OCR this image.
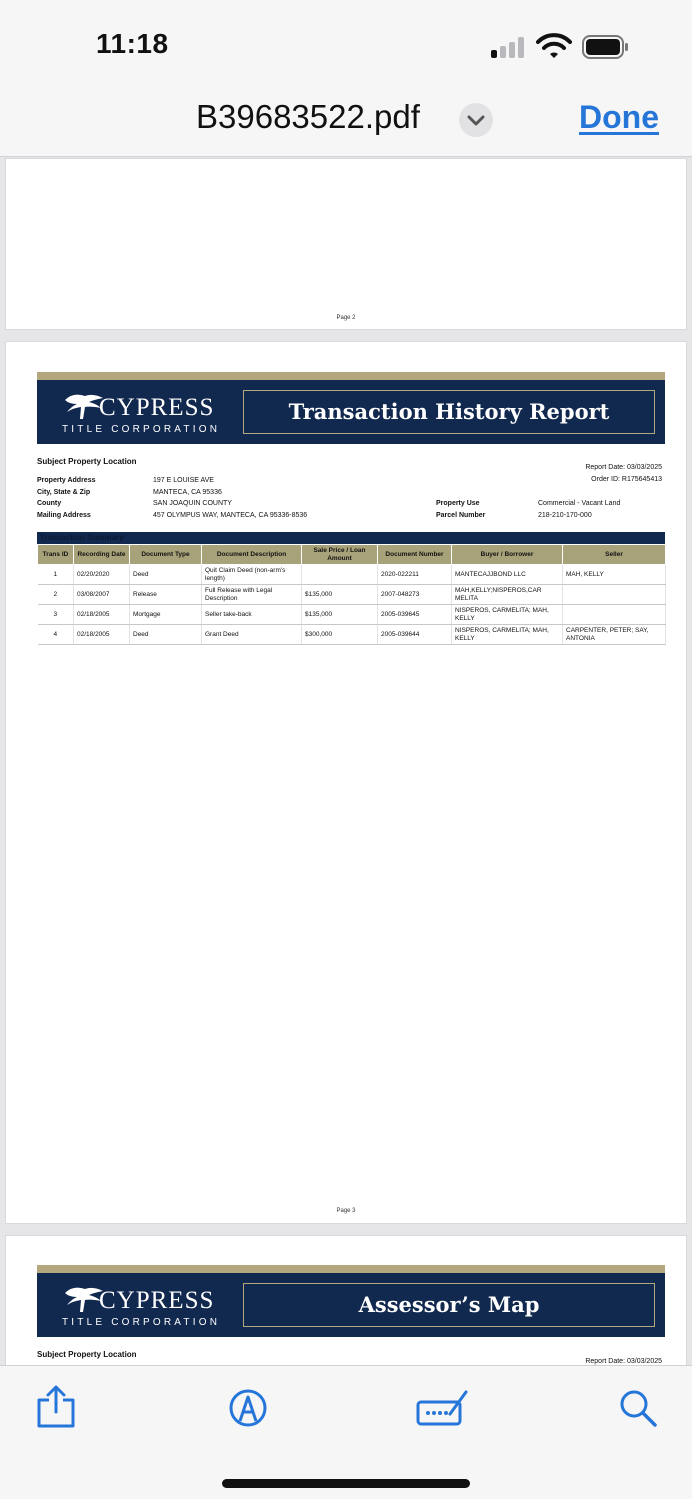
11:18
B39683522.pdf	Done
Page 2
CYPRESS
TITLE CORPORATION
Transaction History Report
Subject Property Location
Report Date: 03/03/2025
Order ID: R175645413
Property Address	197 E LOUISE AVE
City, State & Zip	MANTECA, CA 95336
County	SAN JOAQUIN COUNTY
Mailing Address	457 OLYMPUS WAY, MANTECA, CA 95336-8536
Property Use	Commercial - Vacant Land
Parcel Number	218-210-170-000
Transaction Summary
Trans ID	Recording Date	Document Type	Document Description	Sale Price / Loan Amount	Document Number	Buyer / Borrower	Seller
1	02/20/2020	Deed	Quit Claim Deed (non-arm's length)		2020-022211	MANTECAJJBOND LLC	MAH, KELLY
2	03/08/2007	Release	Full Release with Legal Description	$135,000	2007-048273	MAH,KELLY;NISPEROS,CAR MELITA	
3	02/18/2005	Mortgage	Seller take-back	$135,000	2005-039645	NISPEROS, CARMELITA; MAH, KELLY	
4	02/18/2005	Deed	Grant Deed	$300,000	2005-039644	NISPEROS, CARMELITA; MAH, KELLY	CARPENTER, PETER; SAY, ANTONIA
Page 3
CYPRESS
TITLE CORPORATION
Assessor’s Map
Subject Property Location
Report Date: 03/03/2025
